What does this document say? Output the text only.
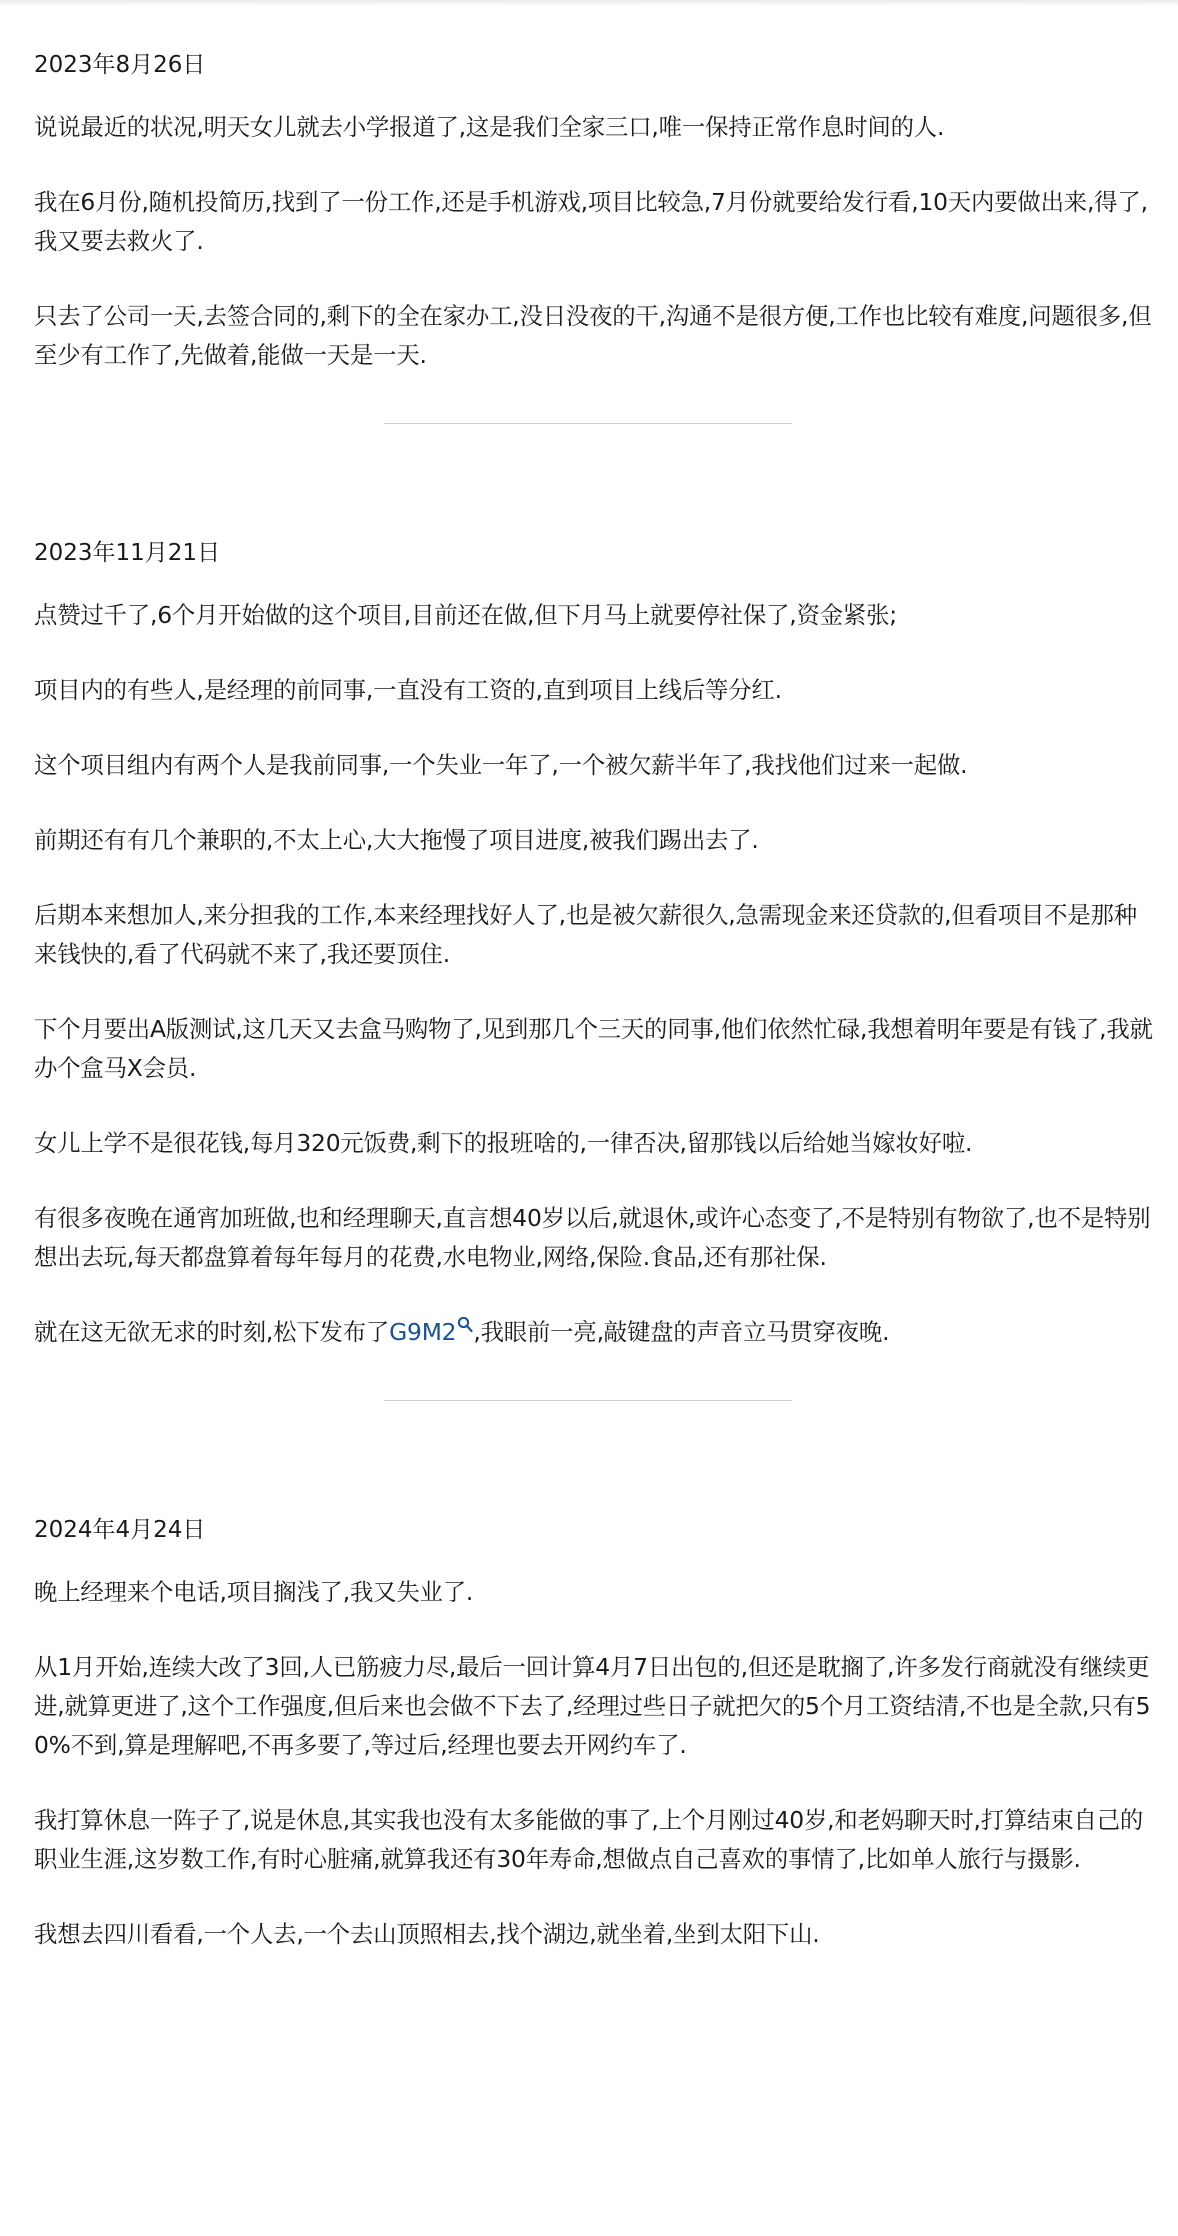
2023年8月26日

说说最近的状况,明天女儿就去小学报道了,这是我们全家三口,唯一保持正常作息时间的人.

我在6月份,随机投简历,找到了一份工作,还是手机游戏,项目比较急,7月份就要给发行看,10天内要做出来,得了,我又要去救火了.

只去了公司一天,去签合同的,剩下的全在家办工,没日没夜的干,沟通不是很方便,工作也比较有难度,问题很多,但至少有工作了,先做着,能做一天是一天.

2023年11月21日

点赞过千了,6个月开始做的这个项目,目前还在做,但下月马上就要停社保了,资金紧张;

项目内的有些人,是经理的前同事,一直没有工资的,直到项目上线后等分红.

这个项目组内有两个人是我前同事,一个失业一年了,一个被欠薪半年了,我找他们过来一起做.

前期还有有几个兼职的,不太上心,大大拖慢了项目进度,被我们踢出去了.

后期本来想加人,来分担我的工作,本来经理找好人了,也是被欠薪很久,急需现金来还贷款的,但看项目不是那种来钱快的,看了代码就不来了,我还要顶住.

下个月要出A版测试,这几天又去盒马购物了,见到那几个三天的同事,他们依然忙碌,我想着明年要是有钱了,我就办个盒马X会员.

女儿上学不是很花钱,每月320元饭费,剩下的报班啥的,一律否决,留那钱以后给她当嫁妆好啦.

有很多夜晚在通宵加班做,也和经理聊天,直言想40岁以后,就退休,或许心态变了,不是特别有物欲了,也不是特别想出去玩,每天都盘算着每年每月的花费,水电物业,网络,保险.食品,还有那社保.

就在这无欲无求的时刻,松下发布了G9M2 ,我眼前一亮,敲键盘的声音立马贯穿夜晚.

2024年4月24日

晚上经理来个电话,项目搁浅了,我又失业了.

从1月开始,连续大改了3回,人已筋疲力尽,最后一回计算4月7日出包的,但还是耽搁了,许多发行商就没有继续更进,就算更进了,这个工作强度,但后来也会做不下去了,经理过些日子就把欠的5个月工资结清,不也是全款,只有50%不到,算是理解吧,不再多要了,等过后,经理也要去开网约车了.

我打算休息一阵子了,说是休息,其实我也没有太多能做的事了,上个月刚过40岁,和老妈聊天时,打算结束自己的职业生涯,这岁数工作,有时心脏痛,就算我还有30年寿命,想做点自己喜欢的事情了,比如单人旅行与摄影.

我想去四川看看,一个人去,一个去山顶照相去,找个湖边,就坐着,坐到太阳下山.
